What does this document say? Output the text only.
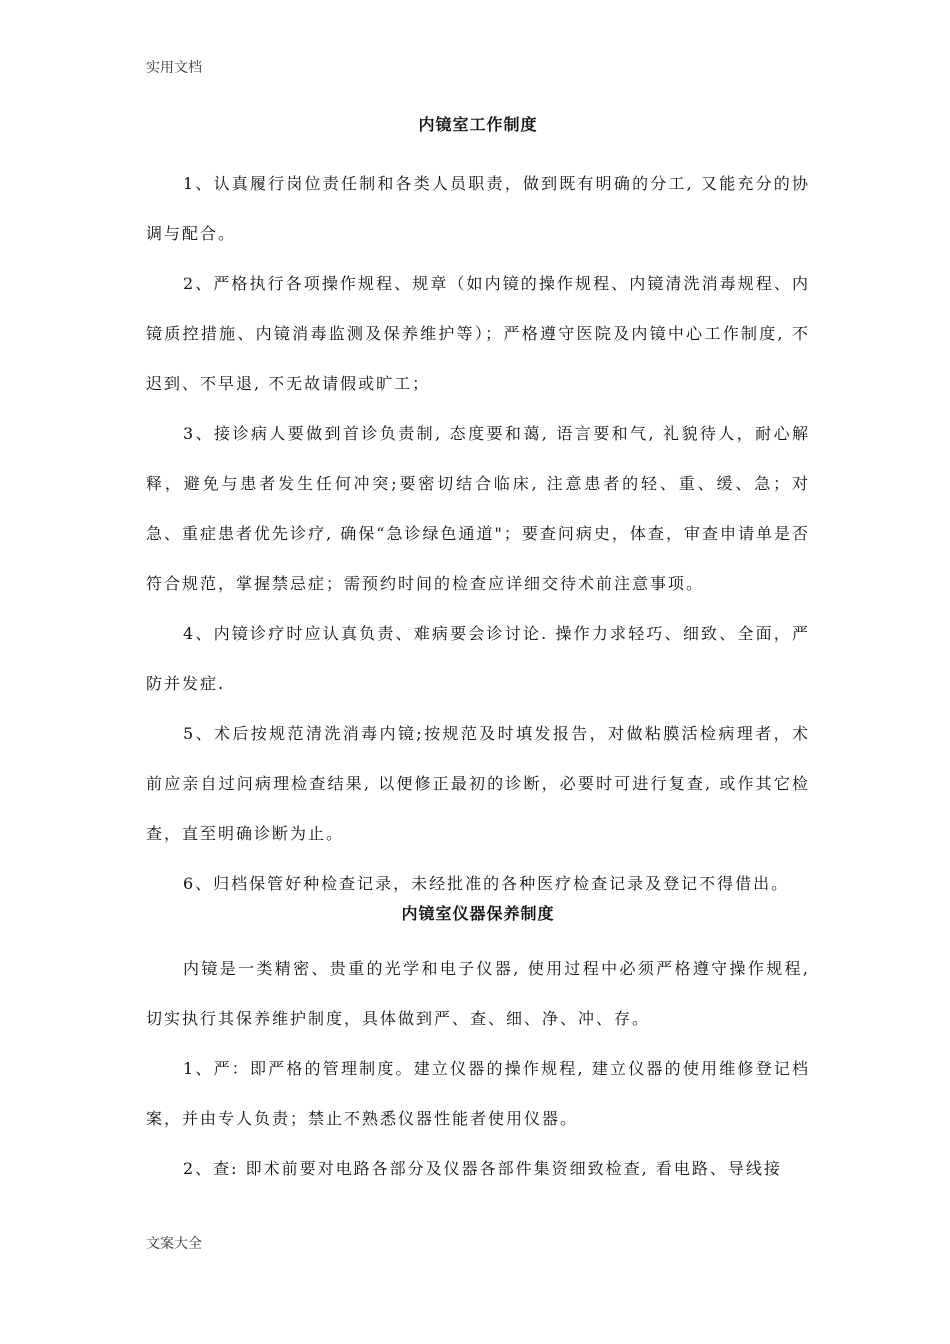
实用文档
内镜室工作制度

1、认真履行岗位责任制和各类人员职责，做到既有明确的分工, 又能充分的协调与配合。

2、严格执行各项操作规程、规章（如内镜的操作规程、内镜清洗消毒规程、内镜质控措施、内镜消毒监测及保养维护等）；严格遵守医院及内镜中心工作制度, 不迟到、不早退, 不无故请假或旷工；

3、接诊病人要做到首诊负责制, 态度要和蔼, 语言要和气, 礼貌待人，耐心解释，避免与患者发生任何冲突;要密切结合临床, 注意患者的轻、重、缓、急；对急、重症患者优先诊疗, 确保“急诊绿色通道"；要查问病史，体查，审查申请单是否符合规范，掌握禁忌症；需预约时间的检查应详细交待术前注意事项。

4、内镜诊疗时应认真负责、难病要会诊讨论. 操作力求轻巧、细致、全面，严防并发症.

5、术后按规范清洗消毒内镜;按规范及时填发报告，对做粘膜活检病理者，术前应亲自过问病理检查结果, 以便修正最初的诊断，必要时可进行复查, 或作其它检查，直至明确诊断为止。

6、归档保管好种检查记录，未经批准的各种医疗检查记录及登记不得借出。

内镜室仪器保养制度

内镜是一类精密、贵重的光学和电子仪器, 使用过程中必须严格遵守操作规程, 切实执行其保养维护制度，具体做到严、查、细、净、冲、存。

1、严：即严格的管理制度。建立仪器的操作规程, 建立仪器的使用维修登记档案，并由专人负责；禁止不熟悉仪器性能者使用仪器。

2、查: 即术前要对电路各部分及仪器各部件集资细致检查, 看电路、导线接

文案大全
